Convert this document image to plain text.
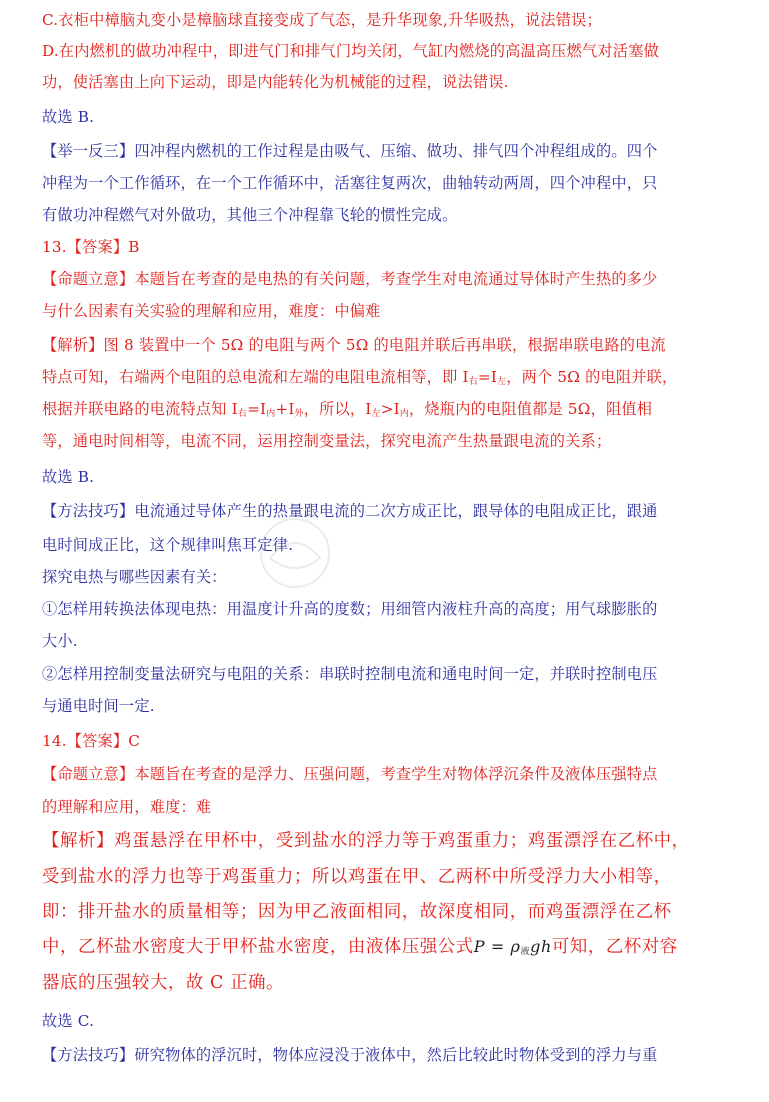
C.衣柜中樟脑丸变小是樟脑球直接变成了气态，是升华现象,升华吸热，说法错误；
D.在内燃机的做功冲程中，即进气门和排气门均关闭，气缸内燃烧的高温高压燃气对活塞做
功，使活塞由上向下运动，即是内能转化为机械能的过程，说法错误.
故选 B.
【举一反三】四冲程内燃机的工作过程是由吸气、压缩、做功、排气四个冲程组成的。四个
冲程为一个工作循环，在一个工作循环中，活塞往复两次，曲轴转动两周，四个冲程中，只
有做功冲程燃气对外做功，其他三个冲程靠飞轮的惯性完成。
13.【答案】B
【命题立意】本题旨在考查的是电热的有关问题，考查学生对电流通过导体时产生热的多少
与什么因素有关实验的理解和应用，难度：中偏难
【解析】图 8 装置中一个 5Ω 的电阻与两个 5Ω 的电阻并联后再串联，根据串联电路的电流
特点可知，右端两个电阻的总电流和左端的电阻电流相等，即 $I_右=I_左$，两个 5Ω 的电阻并联，
根据并联电路的电流特点知 $I_右=I_内+I_外$，所以，$I_左>I_内$，烧瓶内的电阻值都是 5Ω，阻值相
等，通电时间相等，电流不同，运用控制变量法，探究电流产生热量跟电流的关系；
故选 B.
【方法技巧】电流通过导体产生的热量跟电流的二次方成正比，跟导体的电阻成正比，跟通
电时间成正比，这个规律叫焦耳定律.
探究电热与哪些因素有关：
①怎样用转换法体现电热：用温度计升高的度数；用细管内液柱升高的高度；用气球膨胀的
大小.
②怎样用控制变量法研究与电阻的关系：串联时控制电流和通电时间一定，并联时控制电压
与通电时间一定.
14.【答案】C
【命题立意】本题旨在考查的是浮力、压强问题，考查学生对物体浮沉条件及液体压强特点
的理解和应用，难度：难
【解析】鸡蛋悬浮在甲杯中，受到盐水的浮力等于鸡蛋重力；鸡蛋漂浮在乙杯中，
受到盐水的浮力也等于鸡蛋重力；所以鸡蛋在甲、乙两杯中所受浮力大小相等，
即：排开盐水的质量相等；因为甲乙液面相同，故深度相同，而鸡蛋漂浮在乙杯
中，乙杯盐水密度大于甲杯盐水密度，由液体压强公式$P = \rho_液gh$可知，乙杯对容
器底的压强较大，故 C 正确。
故选 C.
【方法技巧】研究物体的浮沉时，物体应浸没于液体中，然后比较此时物体受到的浮力与重
